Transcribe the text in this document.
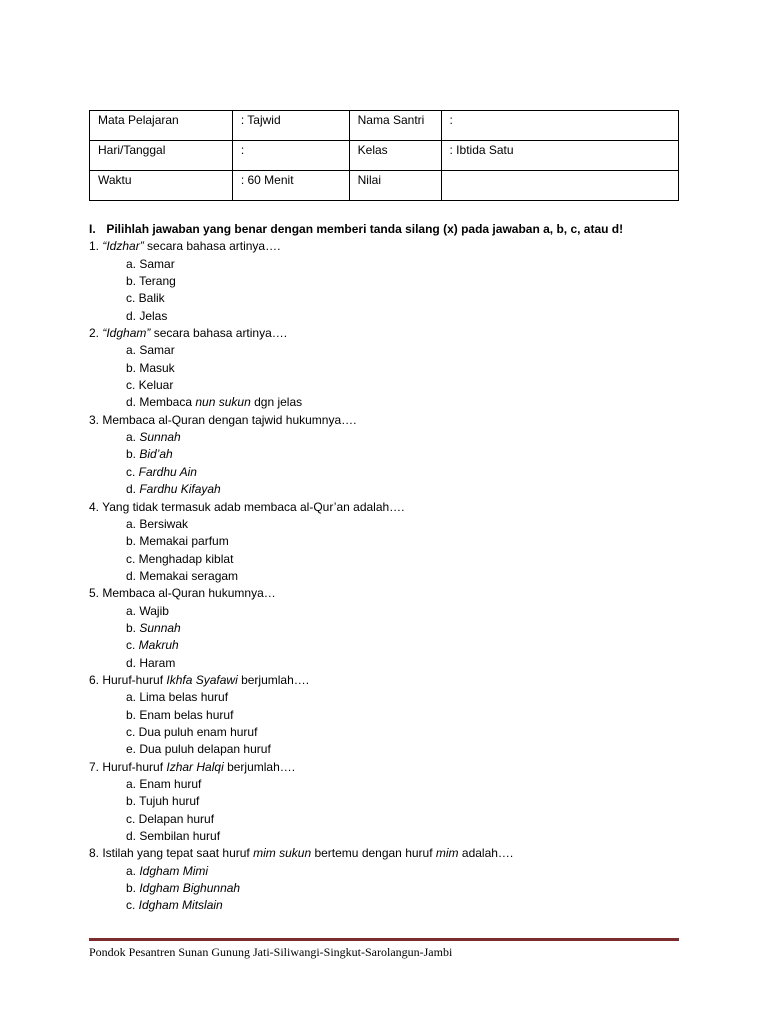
Mata Pelajaran	: Tajwid	Nama Santri	:
Hari/Tanggal	:	Kelas	: Ibtida Satu
Waktu	: 60 Menit	Nilai	
I. Pilihlah jawaban yang benar dengan memberi tanda silang (x) pada jawaban a, b, c, atau d!
1. “Idzhar” secara bahasa artinya….
a. Samar
b. Terang
c. Balik
d. Jelas
2. “Idgham” secara bahasa artinya….
a. Samar
b. Masuk
c. Keluar
d. Membaca nun sukun dgn jelas
3. Membaca al-Quran dengan tajwid hukumnya….
a. Sunnah
b. Bid’ah
c. Fardhu Ain
d. Fardhu Kifayah
4. Yang tidak termasuk adab membaca al-Qur’an adalah….
a. Bersiwak
b. Memakai parfum
c. Menghadap kiblat
d. Memakai seragam
5. Membaca al-Quran hukumnya…
a. Wajib
b. Sunnah
c. Makruh
d. Haram
6. Huruf-huruf Ikhfa Syafawi berjumlah….
a. Lima belas huruf
b. Enam belas huruf
c. Dua puluh enam huruf
e. Dua puluh delapan huruf
7. Huruf-huruf Izhar Halqi berjumlah….
a. Enam huruf
b. Tujuh huruf
c. Delapan huruf
d. Sembilan huruf
8. Istilah yang tepat saat huruf mim sukun bertemu dengan huruf mim adalah….
a. Idgham Mimi
b. Idgham Bighunnah
c. Idgham Mitslain
Pondok Pesantren Sunan Gunung Jati-Siliwangi-Singkut-Sarolangun-Jambi
